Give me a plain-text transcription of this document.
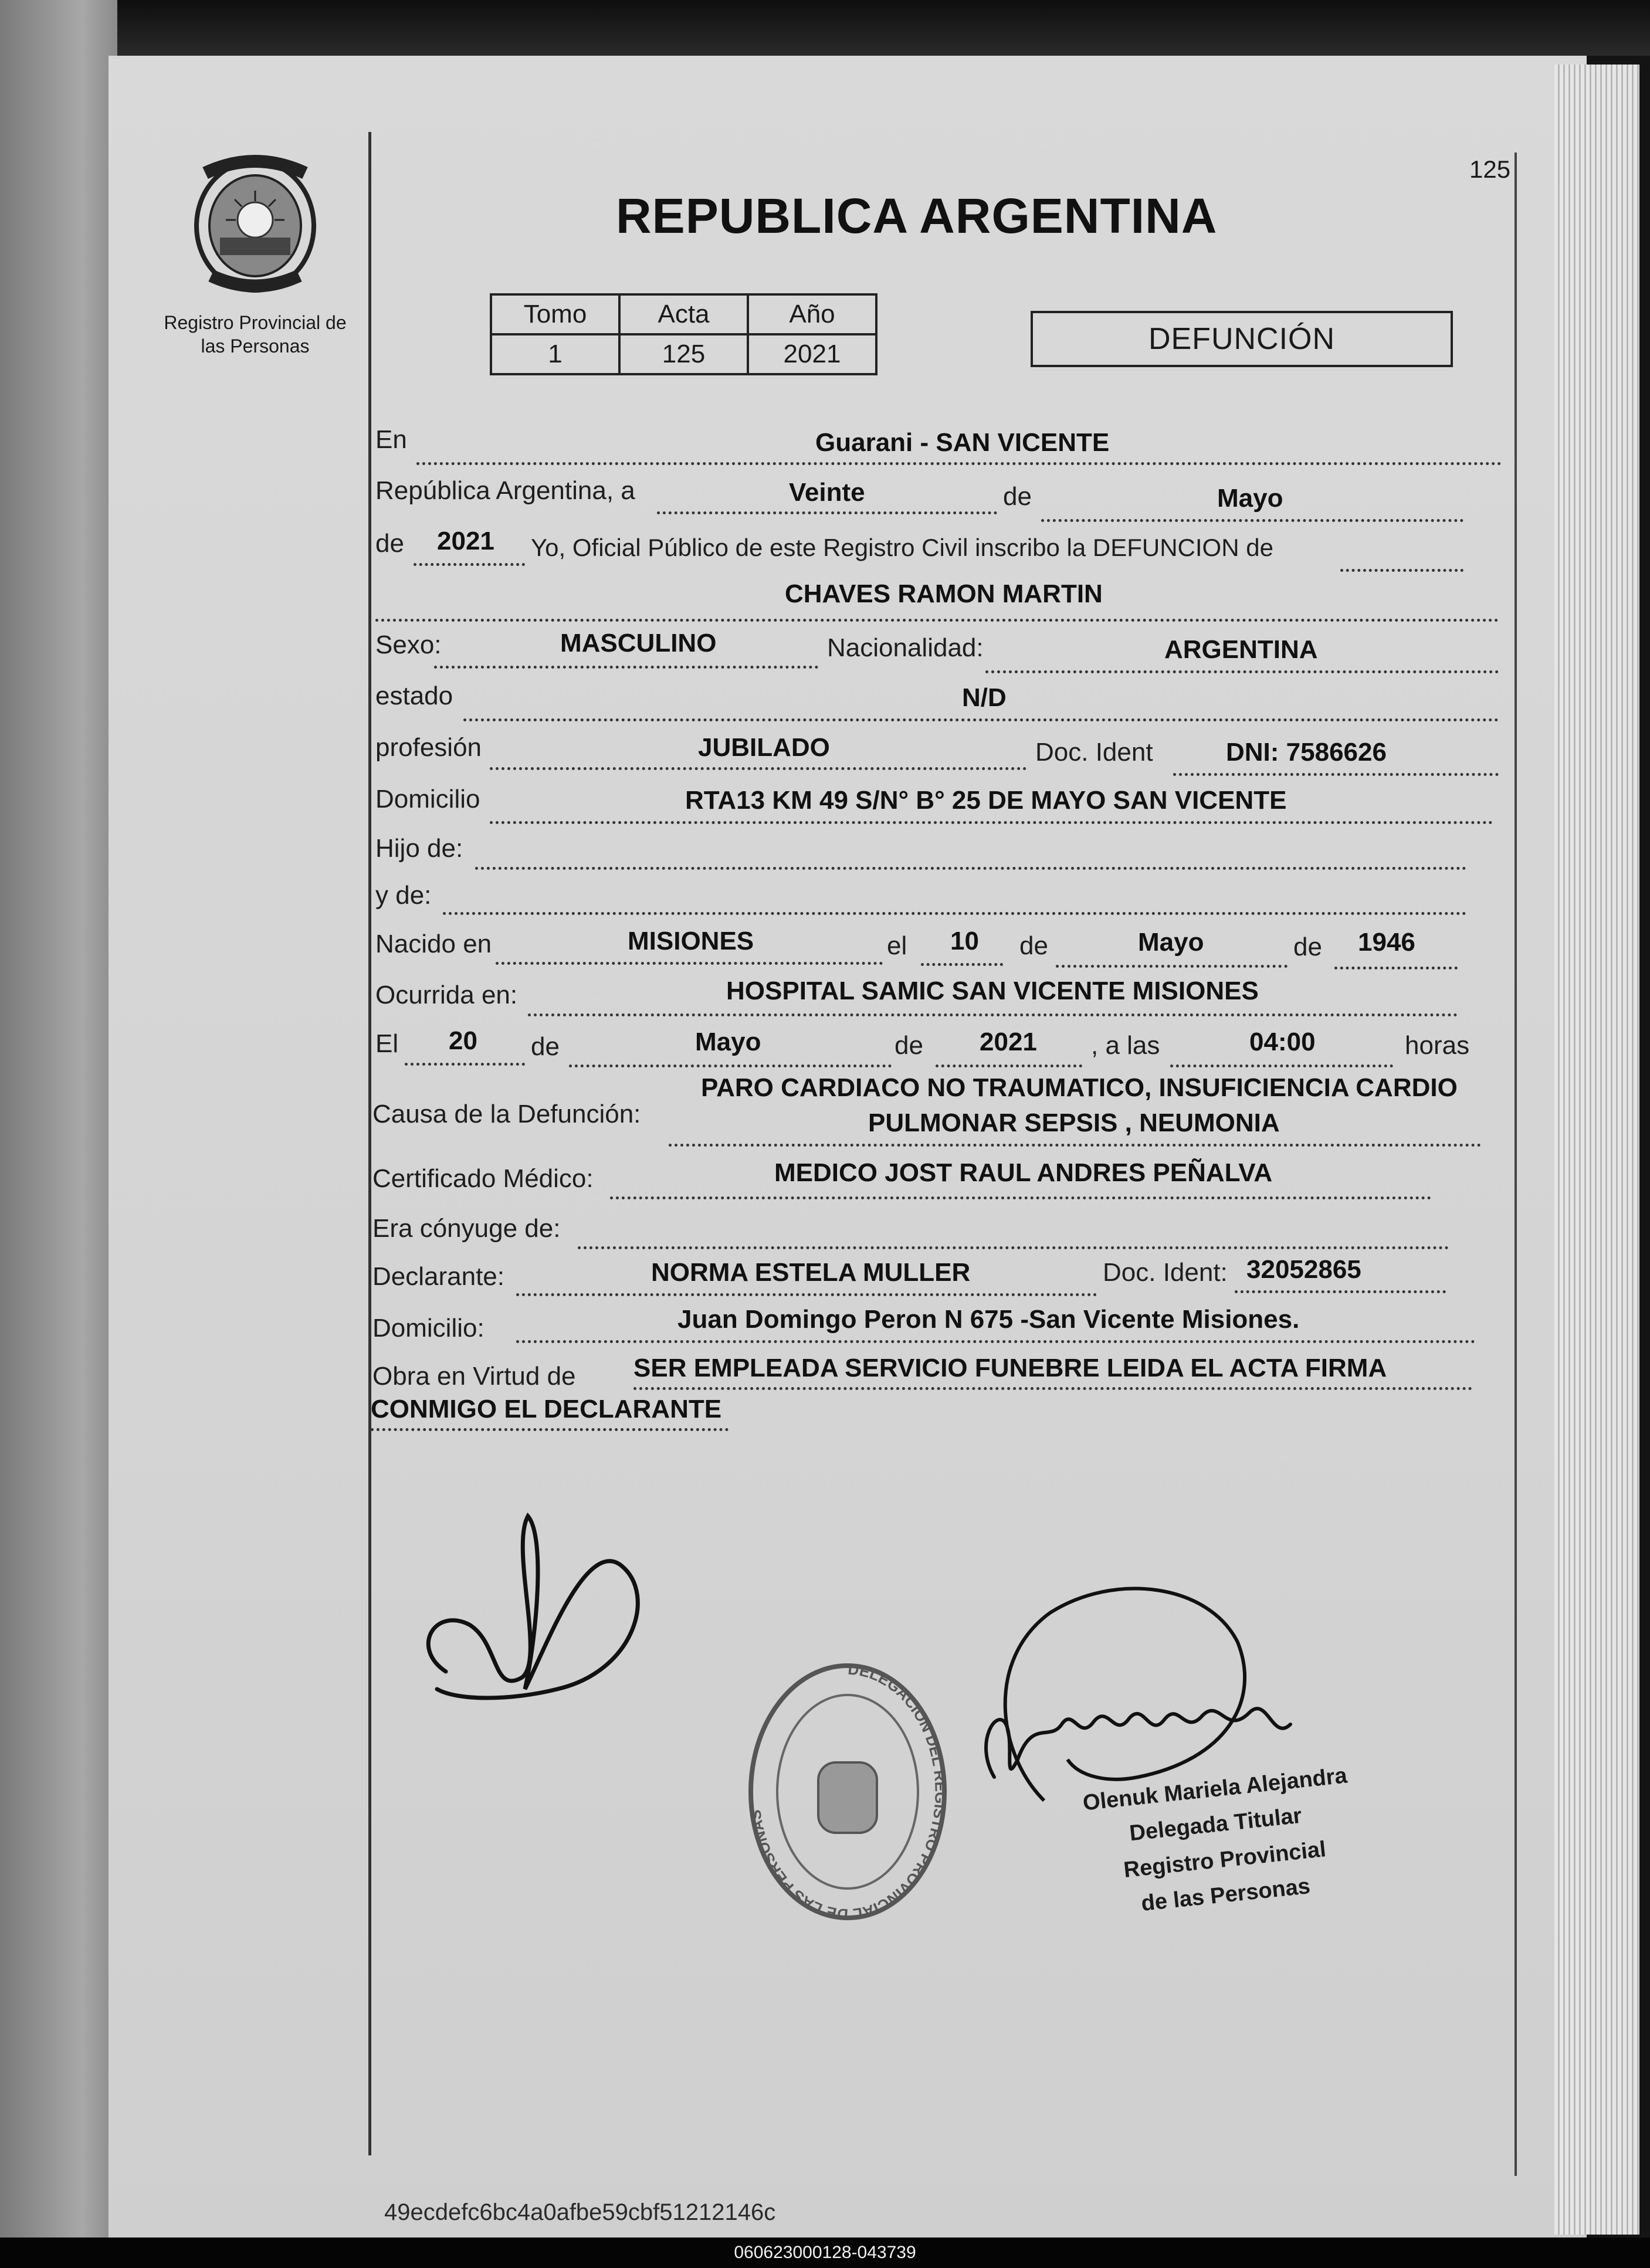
Registro Provincial de las Personas
REPUBLICA ARGENTINA
125
Tomo	Acta	Año
1	125	2021	DEFUNCIÓN
En	Guarani - SAN VICENTE
República Argentina, a	Veinte	de	Mayo
de 2021 Yo, Oficial Público de este Registro Civil inscribo la DEFUNCION de
CHAVES RAMON MARTIN
Sexo:	MASCULINO	Nacionalidad:	ARGENTINA
estado	N/D
profesión	JUBILADO	Doc. Ident	DNI: 7586626
Domicilio	RTA13 KM 49 S/N° B° 25 DE MAYO SAN VICENTE
Hijo de:
y de:
Nacido en	MISIONES	el 10 de	Mayo	de 1946
Ocurrida en:	HOSPITAL SAMIC SAN VICENTE MISIONES
El 20 de	Mayo	de 2021 , a las	04:00	horas
Causa de la Defunción:
PARO CARDIACO NO TRAUMATICO, INSUFICIENCIA CARDIO
PULMONAR SEPSIS , NEUMONIA
Certificado Médico:	MEDICO JOST RAUL ANDRES PEÑALVA
Era cónyuge de:
Declarante:	NORMA ESTELA MULLER	Doc. Ident: 32052865
Domicilio:	Juan Domingo Peron N 675 -San Vicente Misiones.
Obra en Virtud de SER EMPLEADA SERVICIO FUNEBRE LEIDA EL ACTA FIRMA
CONMIGO EL DECLARANTE
DELEGACION DEL REGISTRO PROVINCIAL DE LAS PERSONAS	Olenuk Mariela Alejandra
Delegada Titular
Registro Provincial
de las Personas
49ecdefc6bc4a0afbe59cbf51212146c
060623000128-043739
